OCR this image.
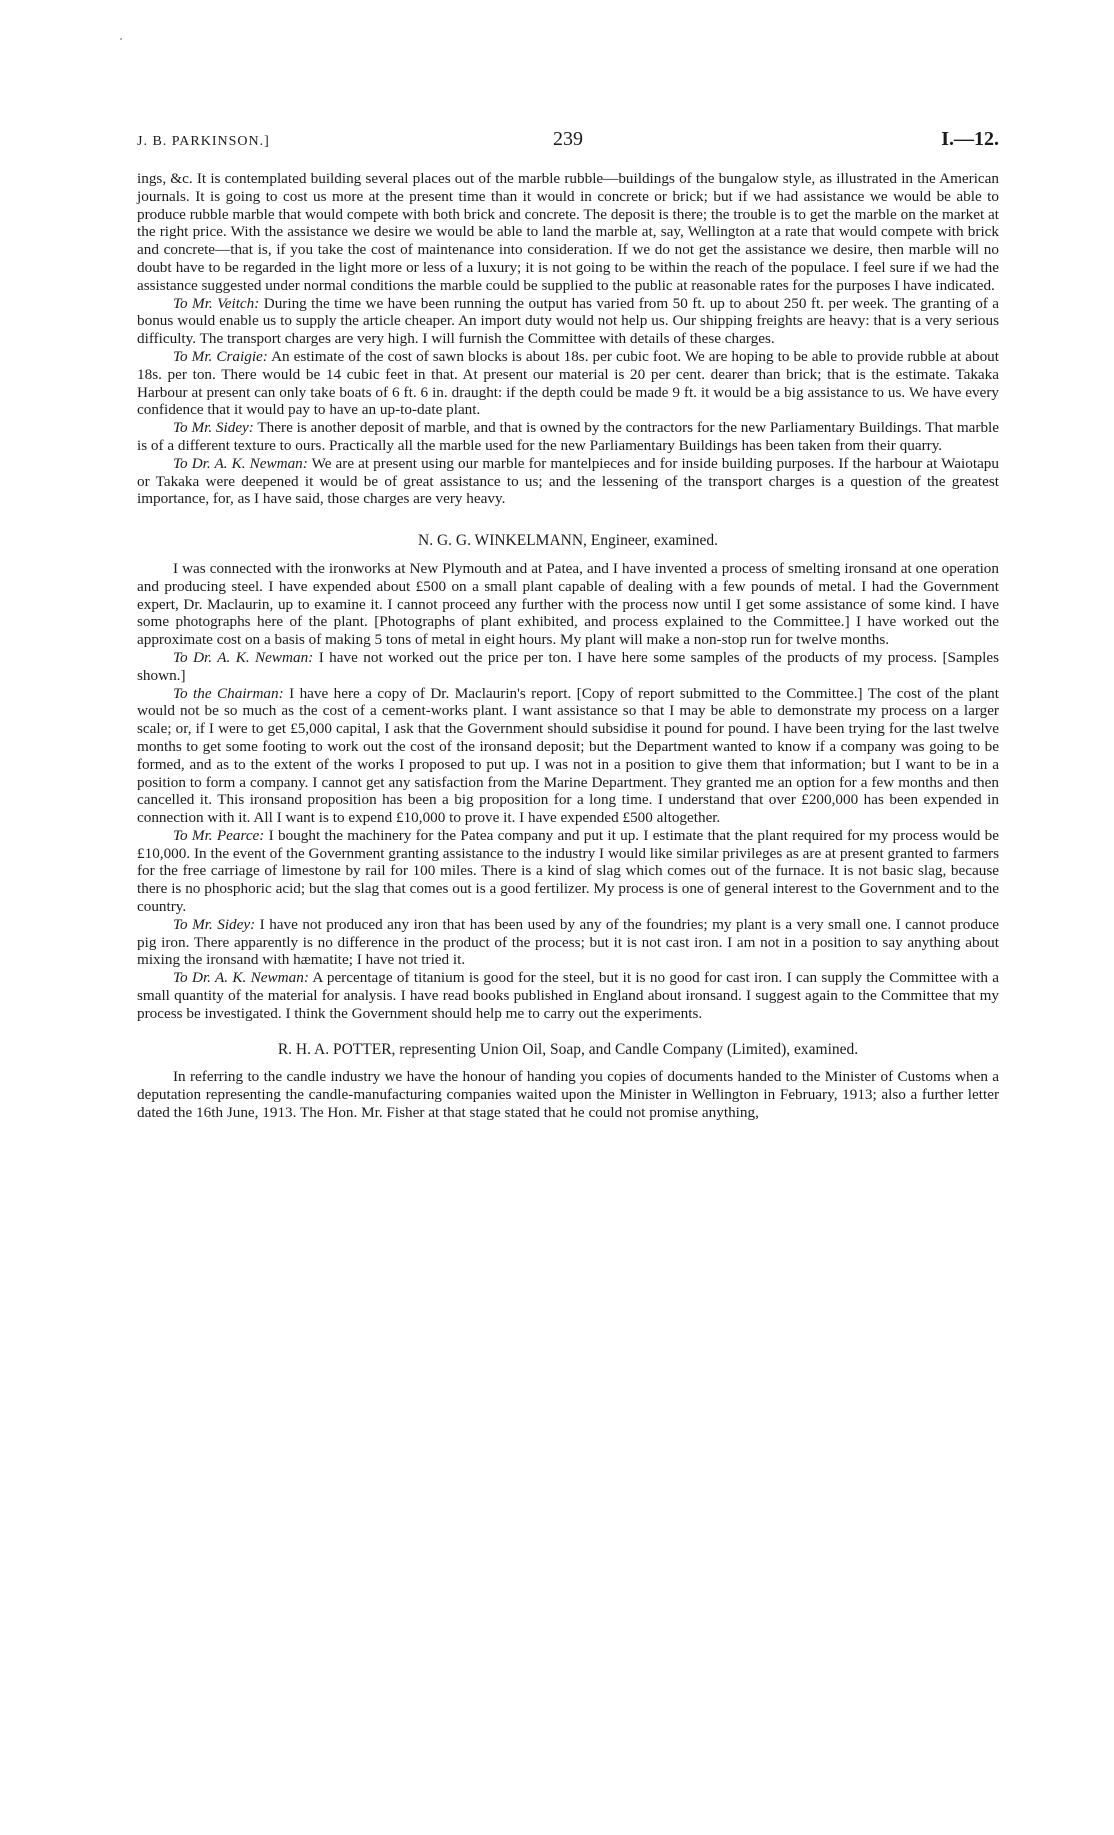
J. B. PARKINSON.]	239	I.—12.

ings, &c. It is contemplated building several places out of the marble rubble—buildings of the bungalow style, as illustrated in the American journals. It is going to cost us more at the present time than it would in concrete or brick; but if we had assistance we would be able to produce rubble marble that would compete with both brick and concrete. The deposit is there; the trouble is to get the marble on the market at the right price. With the assistance we desire we would be able to land the marble at, say, Wellington at a rate that would compete with brick and concrete—that is, if you take the cost of maintenance into consideration. If we do not get the assistance we desire, then marble will no doubt have to be regarded in the light more or less of a luxury; it is not going to be within the reach of the populace. I feel sure if we had the assistance suggested under normal conditions the marble could be supplied to the public at reasonable rates for the purposes I have indicated.

To Mr. Veitch: During the time we have been running the output has varied from 50 ft. up to about 250 ft. per week. The granting of a bonus would enable us to supply the article cheaper. An import duty would not help us. Our shipping freights are heavy: that is a very serious difficulty. The transport charges are very high. I will furnish the Committee with details of these charges.

To Mr. Craigie: An estimate of the cost of sawn blocks is about 18s. per cubic foot. We are hoping to be able to provide rubble at about 18s. per ton. There would be 14 cubic feet in that. At present our material is 20 per cent. dearer than brick; that is the estimate. Takaka Harbour at present can only take boats of 6 ft. 6 in. draught: if the depth could be made 9 ft. it would be a big assistance to us. We have every confidence that it would pay to have an up-to-date plant.

To Mr. Sidey: There is another deposit of marble, and that is owned by the contractors for the new Parliamentary Buildings. That marble is of a different texture to ours. Practically all the marble used for the new Parliamentary Buildings has been taken from their quarry.

To Dr. A. K. Newman: We are at present using our marble for mantelpieces and for inside building purposes. If the harbour at Waiotapu or Takaka were deepened it would be of great assistance to us; and the lessening of the transport charges is a question of the greatest importance, for, as I have said, those charges are very heavy.

N. G. G. WINKELMANN, Engineer, examined.

I was connected with the ironworks at New Plymouth and at Patea, and I have invented a process of smelting ironsand at one operation and producing steel. I have expended about £500 on a small plant capable of dealing with a few pounds of metal. I had the Government expert, Dr. Maclaurin, up to examine it. I cannot proceed any further with the process now until I get some assistance of some kind. I have some photographs here of the plant. [Photographs of plant exhibited, and process explained to the Committee.] I have worked out the approximate cost on a basis of making 5 tons of metal in eight hours. My plant will make a non-stop run for twelve months.

To Dr. A. K. Newman: I have not worked out the price per ton. I have here some samples of the products of my process. [Samples shown.]

To the Chairman: I have here a copy of Dr. Maclaurin's report. [Copy of report submitted to the Committee.] The cost of the plant would not be so much as the cost of a cement-works plant. I want assistance so that I may be able to demonstrate my process on a larger scale; or, if I were to get £5,000 capital, I ask that the Government should subsidise it pound for pound. I have been trying for the last twelve months to get some footing to work out the cost of the ironsand deposit; but the Department wanted to know if a company was going to be formed, and as to the extent of the works I proposed to put up. I was not in a position to give them that information; but I want to be in a position to form a company. I cannot get any satisfaction from the Marine Department. They granted me an option for a few months and then cancelled it. This ironsand proposition has been a big proposition for a long time. I understand that over £200,000 has been expended in connection with it. All I want is to expend £10,000 to prove it. I have expended £500 altogether.

To Mr. Pearce: I bought the machinery for the Patea company and put it up. I estimate that the plant required for my process would be £10,000. In the event of the Government granting assistance to the industry I would like similar privileges as are at present granted to farmers for the free carriage of limestone by rail for 100 miles. There is a kind of slag which comes out of the furnace. It is not basic slag, because there is no phosphoric acid; but the slag that comes out is a good fertilizer. My process is one of general interest to the Government and to the country.

To Mr. Sidey: I have not produced any iron that has been used by any of the foundries; my plant is a very small one. I cannot produce pig iron. There apparently is no difference in the product of the process; but it is not cast iron. I am not in a position to say anything about mixing the ironsand with hæmatite; I have not tried it.

To Dr. A. K. Newman: A percentage of titanium is good for the steel, but it is no good for cast iron. I can supply the Committee with a small quantity of the material for analysis. I have read books published in England about ironsand. I suggest again to the Committee that my process be investigated. I think the Government should help me to carry out the experiments.

R. H. A. POTTER, representing Union Oil, Soap, and Candle Company (Limited), examined.

In referring to the candle industry we have the honour of handing you copies of documents handed to the Minister of Customs when a deputation representing the candle-manufacturing companies waited upon the Minister in Wellington in February, 1913; also a further letter dated the 16th June, 1913. The Hon. Mr. Fisher at that stage stated that he could not promise anything,
